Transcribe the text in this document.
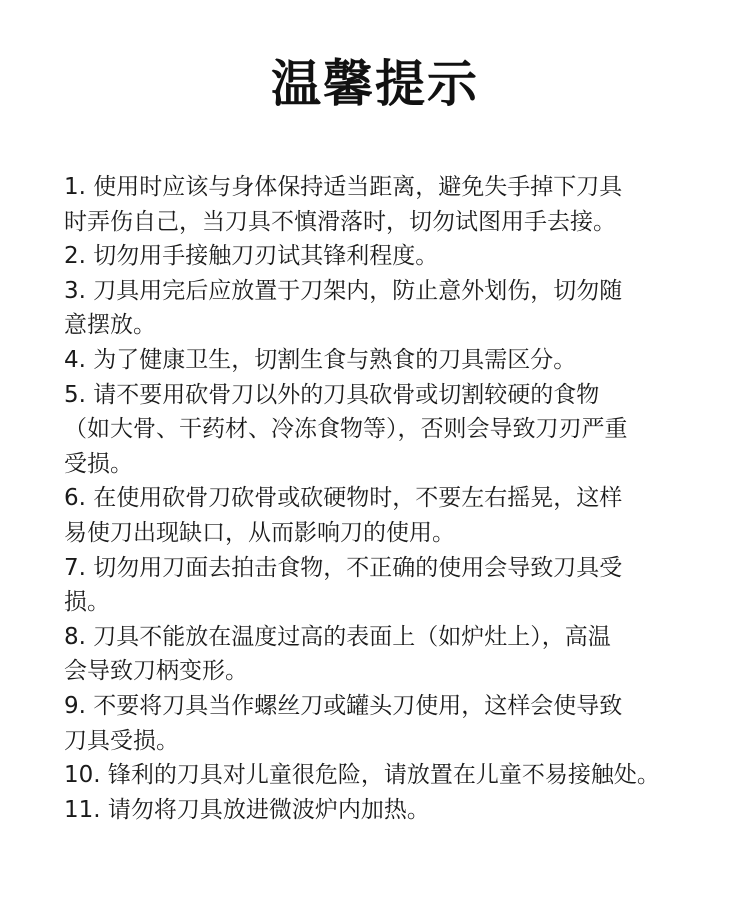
温馨提示
1. 使用时应该与身体保持适当距离，避免失手掉下刀具
时弄伤自己，当刀具不慎滑落时，切勿试图用手去接。
2. 切勿用手接触刀刃试其锋利程度。
3. 刀具用完后应放置于刀架内，防止意外划伤，切勿随
意摆放。
4. 为了健康卫生，切割生食与熟食的刀具需区分。
5. 请不要用砍骨刀以外的刀具砍骨或切割较硬的食物
（如大骨、干药材、冷冻食物等），否则会导致刀刃严重
受损。
6. 在使用砍骨刀砍骨或砍硬物时，不要左右摇晃，这样
易使刀出现缺口，从而影响刀的使用。
7. 切勿用刀面去拍击食物，不正确的使用会导致刀具受
损。
8. 刀具不能放在温度过高的表面上（如炉灶上），高温
会导致刀柄变形。
9. 不要将刀具当作螺丝刀或罐头刀使用，这样会使导致
刀具受损。
10. 锋利的刀具对儿童很危险，请放置在儿童不易接触处。
11. 请勿将刀具放进微波炉内加热。
